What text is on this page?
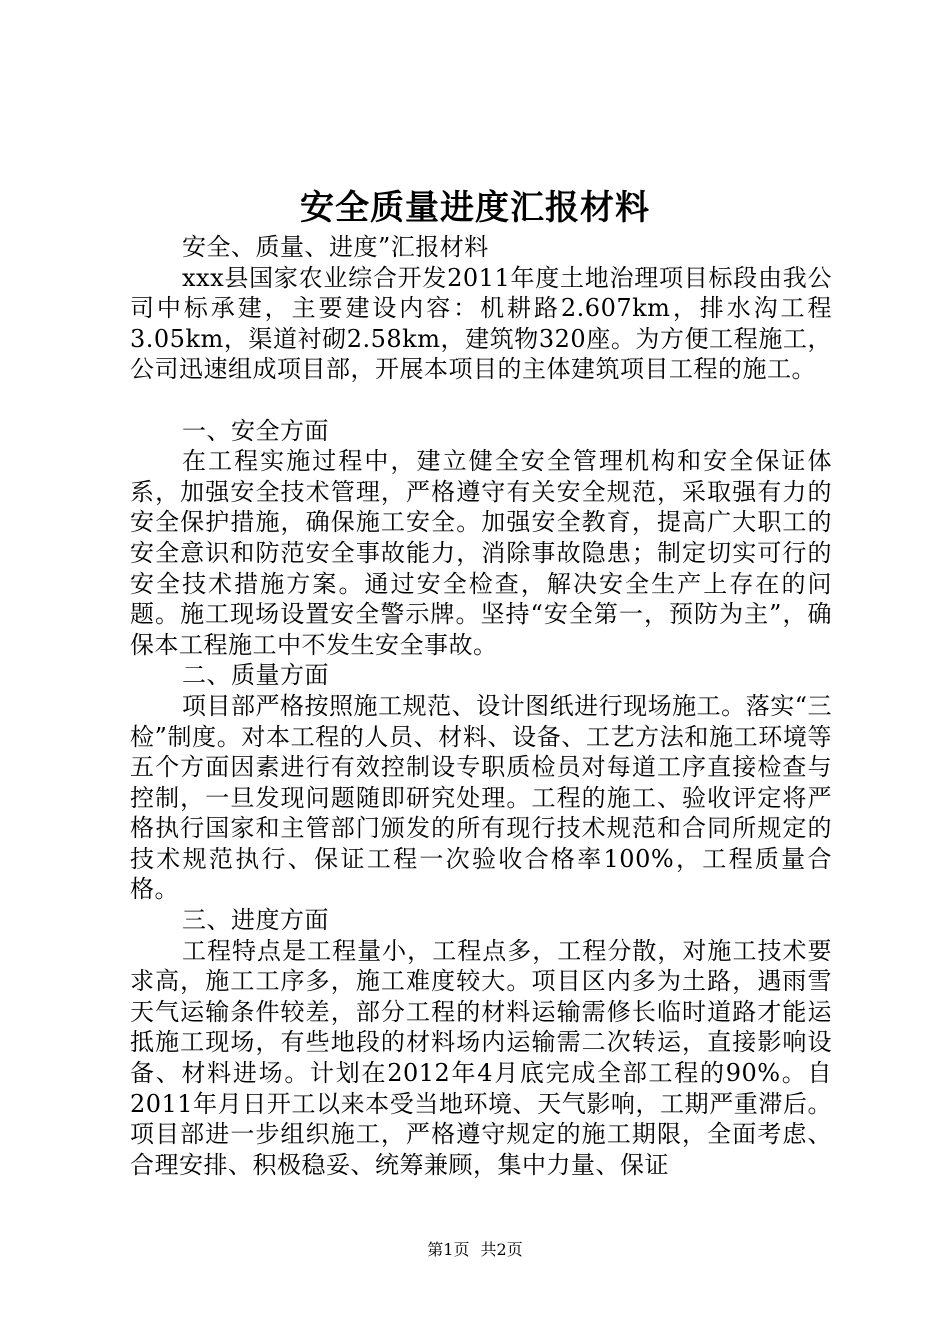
安全质量进度汇报材料

安全、质量、进度”汇报材料

xxx县国家农业综合开发2011年度土地治理项目标段由我公司中标承建，主要建设内容：机耕路2.607km，排水沟工程3.05km，渠道衬砌2.58km，建筑物320座。为方便工程施工，公司迅速组成项目部，开展本项目的主体建筑项目工程的施工。

一、安全方面

在工程实施过程中，建立健全安全管理机构和安全保证体系，加强安全技术管理，严格遵守有关安全规范，采取强有力的安全保护措施，确保施工安全。加强安全教育，提高广大职工的安全意识和防范安全事故能力，消除事故隐患；制定切实可行的安全技术措施方案。通过安全检查，解决安全生产上存在的问题。施工现场设置安全警示牌。坚持“安全第一，预防为主”，确保本工程施工中不发生安全事故。

二、质量方面

项目部严格按照施工规范、设计图纸进行现场施工。落实“三检”制度。对本工程的人员、材料、设备、工艺方法和施工环境等五个方面因素进行有效控制设专职质检员对每道工序直接检查与控制，一旦发现问题随即研究处理。工程的施工、验收评定将严格执行国家和主管部门颁发的所有现行技术规范和合同所规定的技术规范执行、保证工程一次验收合格率100%，工程质量合格。

三、进度方面

工程特点是工程量小，工程点多，工程分散，对施工技术要求高，施工工序多，施工难度较大。项目区内多为土路，遇雨雪天气运输条件较差，部分工程的材料运输需修长临时道路才能运抵施工现场，有些地段的材料场内运输需二次转运，直接影响设备、材料进场。计划在2012年4月底完成全部工程的90%。自2011年月日开工以来本受当地环境、天气影响，工期严重滞后。项目部进一步组织施工，严格遵守规定的施工期限，全面考虑、合理安排、积极稳妥、统筹兼顾，集中力量、保证

第1页 共2页
